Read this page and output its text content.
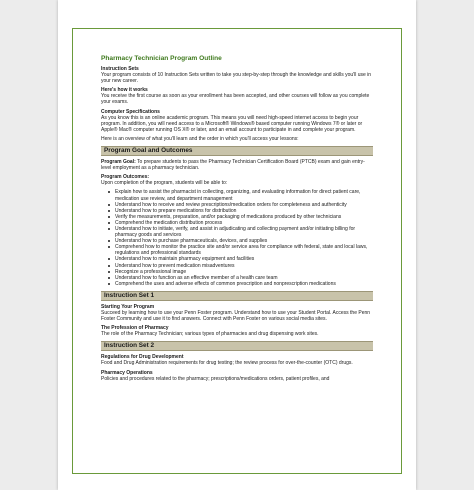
Pharmacy Technician Program Outline

Instruction Sets

Your program consists of 10 Instruction Sets written to take you step-by-step through the knowledge and skills you'll use in your new career.

Here's how it works

You receive the first course as soon as your enrollment has been accepted, and other courses will follow as you complete your exams.

Computer Specifications

As you know this is an online academic program. This means you will need high-speed internet access to begin your program. In addition, you will need access to a Microsoft® Windows® based computer running Windows 7® or later or Apple® Mac® computer running OS X® or later, and an email account to participate in and complete your program.

Here is an overview of what you'll learn and the order in which you'll access your lessons:

Program Goal and Outcomes

Program Goal: To prepare students to pass the Pharmacy Technician Certification Board (PTCB) exam and gain entry-level employment as a pharmacy technician.

Program Outcomes:

Upon completion of the program, students will be able to:

Explain how to assist the pharmacist in collecting, organizing, and evaluating information for direct patient care, medication use review, and department management
Understand how to receive and review prescriptions/medication orders for completeness and authenticity
Understand how to prepare medications for distribution
Verify the measurements, preparation, and/or packaging of medications produced by other technicians
Comprehend the medication distribution process
Understand how to initiate, verify, and assist in adjudicating and collecting payment and/or initiating billing for pharmacy goods and services
Understand how to purchase pharmaceuticals, devices, and supplies
Comprehend how to monitor the practice site and/or service area for compliance with federal, state and local laws, regulations and professional standards
Understand how to maintain pharmacy equipment and facilities
Understand how to prevent medication misadventures
Recognize a professional image
Understand how to function as an effective member of a health care team
Comprehend the uses and adverse effects of common prescription and nonprescription medications
Instruction Set 1

Starting Your Program

Succeed by learning how to use your Penn Foster program. Understand how to use your Student Portal. Access the Penn Foster Community and use it to find answers. Connect with Penn Foster on various social media sites.

The Profession of Pharmacy

The role of the Pharmacy Technician; various types of pharmacies and drug dispensing work sites.

Instruction Set 2

Regulations for Drug Development

Food and Drug Administration requirements for drug testing; the review process for over-the-counter (OTC) drugs.

Pharmacy Operations

Policies and procedures related to the pharmacy; prescriptions/medications orders, patient profiles, and
